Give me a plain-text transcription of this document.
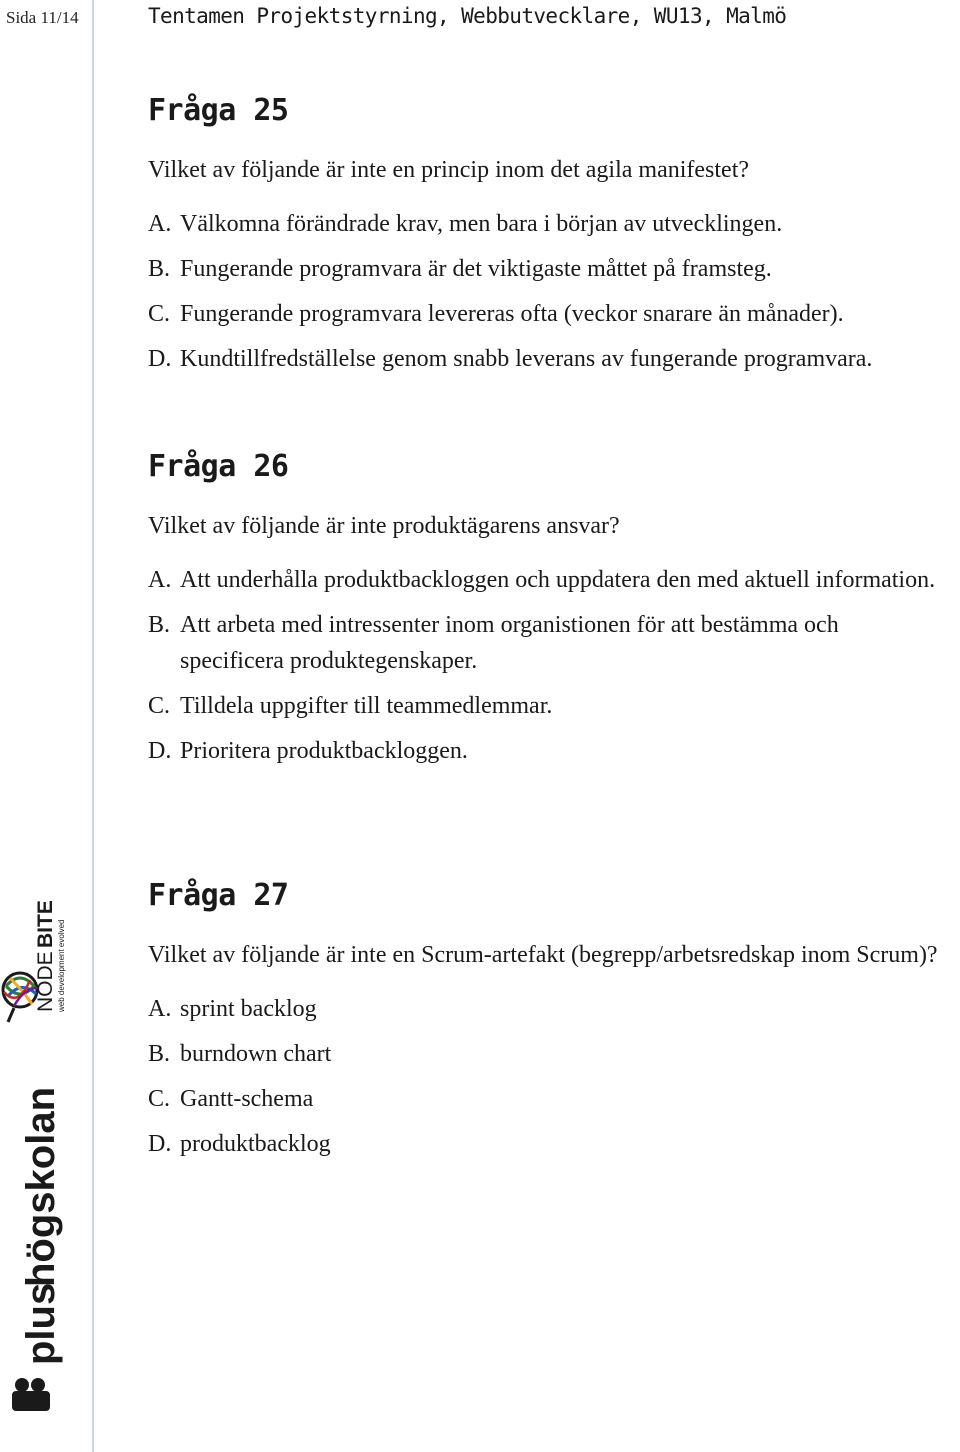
Sida 11/14	Tentamen Projektstyrning, Webbutvecklare, WU13, Malmö
Fråga 25

Vilket av följande är inte en princip inom det agila manifestet?

A. Välkomna förändrade krav, men bara i början av utvecklingen.
B. Fungerande programvara är det viktigaste måttet på framsteg.
C. Fungerande programvara levereras ofta (veckor snarare än månader).
D. Kundtillfredställelse genom snabb leverans av fungerande programvara.
Fråga 26

Vilket av följande är inte produktägarens ansvar?

A. Att underhålla produktbackloggen och uppdatera den med aktuell information.
B. Att arbeta med intressenter inom organistionen för att bestämma och specificera produktegenskaper.
C. Tilldela uppgifter till teammedlemmar.
D. Prioritera produktbackloggen.
Fråga 27

Vilket av följande är inte en Scrum-artefakt (begrepp/arbetsredskap inom Scrum)?

A. sprint backlog
B. burndown chart
C. Gantt-schema
D. produktbacklog
NODE
BITE web development evolved
plus
högskolan
